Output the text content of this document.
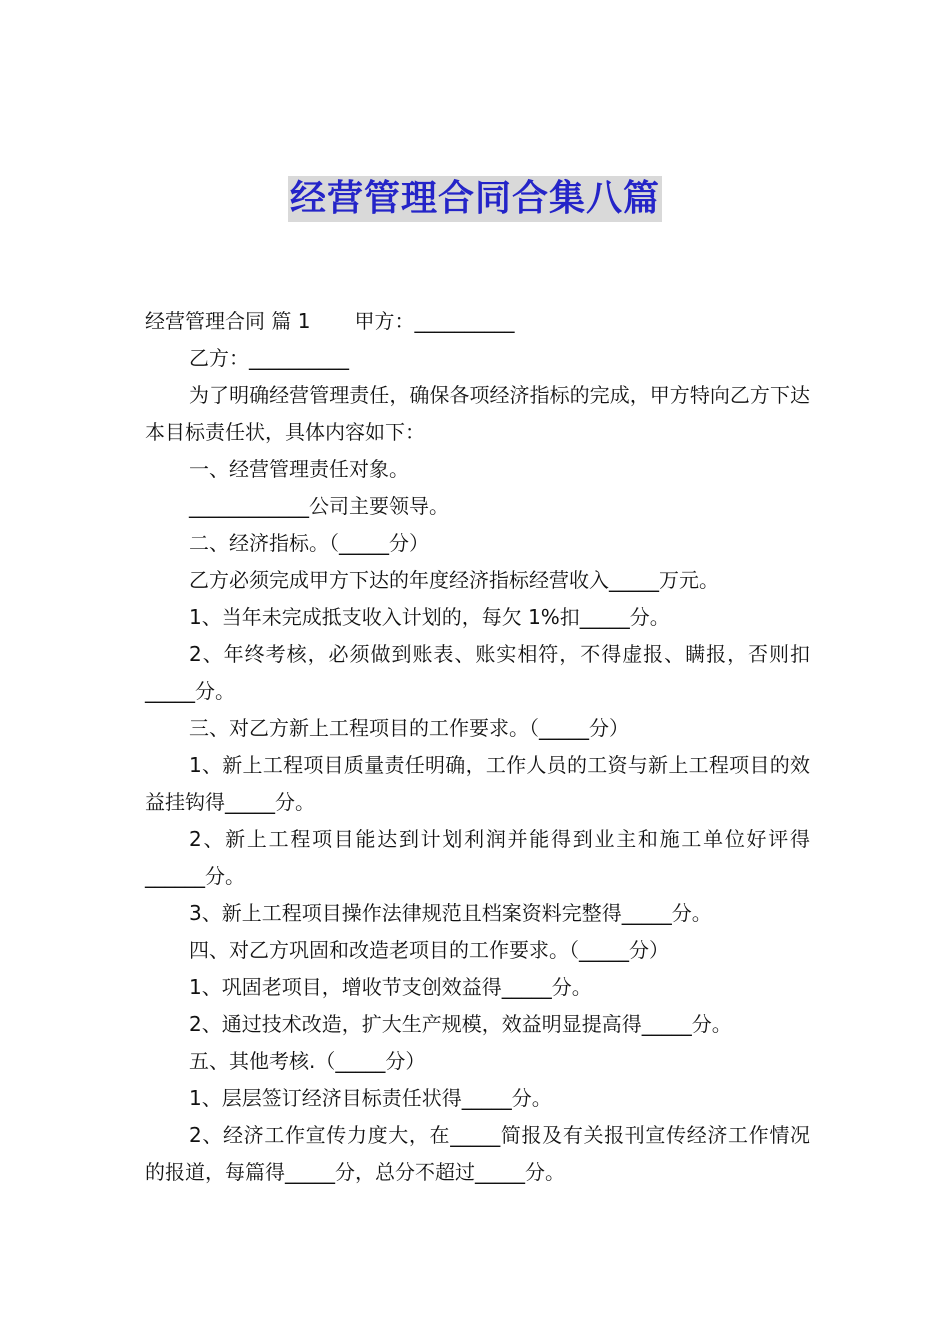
经营管理合同合集八篇
经营管理合同 篇 1 甲方：__________
乙方：__________
为了明确经营管理责任，确保各项经济指标的完成，甲方特向乙方下达本目标责任状，具体内容如下：
一、经营管理责任对象。
____________公司主要领导。
二、经济指标。（_____分）
乙方必须完成甲方下达的年度经济指标经营收入_____万元。
1、当年未完成抵支收入计划的，每欠 1%扣_____分。
2、年终考核，必须做到账表、账实相符，不得虚报、瞒报，否则扣_____分。
三、对乙方新上工程项目的工作要求。（_____分）
1、新上工程项目质量责任明确，工作人员的工资与新上工程项目的效益挂钩得_____分。
2、新上工程项目能达到计划利润并能得到业主和施工单位好评得______分。
3、新上工程项目操作法律规范且档案资料完整得_____分。
四、对乙方巩固和改造老项目的工作要求。（_____分）
1、巩固老项目，增收节支创效益得_____分。
2、通过技术改造，扩大生产规模，效益明显提高得_____分。
五、其他考核.（_____分）
1、层层签订经济目标责任状得_____分。
2、经济工作宣传力度大，在_____简报及有关报刊宣传经济工作情况的报道，每篇得_____分，总分不超过_____分。
